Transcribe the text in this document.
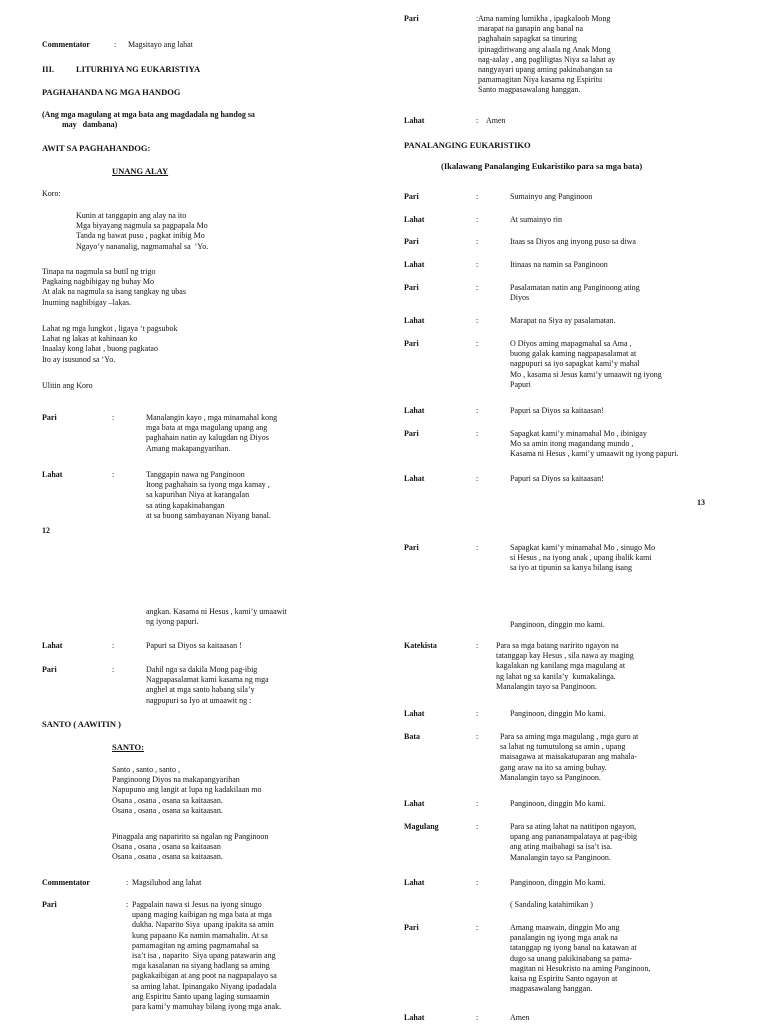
Commentator	: Magsitayo ang lahat
III.	LITURHIYA NG EUKARISTIYA
PAGHAHANDA NG MGA HANDOG
(Ang mga magulang at mga bata ang magdadala ng handog sa
may   dambana)
AWIT SA PAGHAHANDOG:
UNANG ALAY
Koro:
Kunin at tanggapin ang alay na ito
Mga biyayang nagmula sa pagpapala Mo
Tanda ng bawat puso , pagkat inibig Mo
Ngayo’y nananalig, nagmamahal sa  ‘Yo.
Tinapa na nagmula sa butil ng trigo
Pagkaing nagbibigay ng buhay Mo
At alak na nagmula sa isang tangkay ng ubas
Inuming nagbibigay –lakas.
Lahat ng mga lungkot , ligaya ‘t pagsubok
Lahat ng lakas at kahinaan ko
Inaalay kong lahat , buong pagkatao
Ito ay isusunod sa ‘Yo.
Ulitin ang Koro
Pari	:	Manalangin kayo , mga minamahal kong
mga bata at mga magulang upang ang
paghahain natin ay kalugdan ng Diyos
Amang makapangyarihan.
Lahat	:	Tanggapin nawa ng Panginoon
Itong paghahain sa iyong mga kamay ,
sa kapurihan Niya at karangalan
sa ating kapakinabangan
at sa buong sambayanan Niyang banal.
12
angkan. Kasama ni Hesus , kami’y umaawit
ng iyong papuri.
Lahat	:	Papuri sa Diyos sa kaitaasan !
Pari	:	Dahil nga sa dakila Mong pag-ibig
Nagpapasalamat kami kasama ng mga
anghel at mga santo habang sila’y
nagpupuri sa Iyo at umaawit ng :
SANTO ( AAWITIN )
SANTO:
Santo , santo , santo ,
Panginoong Diyos na makapangyarihan
Napupuno ang langit at lupa ng kadakilaan mo
Osana , osana , osana sa kaitaasan.
Osana , osana , osana sa kaitaasan.
Pinagpala ang naparirito sa ngalan ng Panginoon
Osana , osana , osana sa kaitaasan
Osana , osana , osana sa kaitaasan.
Commentator	: Magsiluhod ang lahat
Pari	: Pagpalain nawa si Jesus na iyong sinugo
upang maging kaibigan ng mga bata at mga
dukha. Naparito Siya  upang ipakita sa amin
kung papaano Ka namin mamahalin. At sa
pamamagitan ng aming pagmamahal sa
isa’t isa , naparito  Siya upang patawarin ang
mga kasalanan na siyang hadlang sa aming
pagkakaibigan at ang poot na nagpapalayo sa
sa aming lahat. Ipinangako Niyang ipadadala
ang Espiritu Santo upang laging sumaamin
para kami’y mamuhay bilang iyong mga anak.
Pari	: Ama naming lumikha , ipagkaloob Mong
marapat na ganapin ang banal na
paghahain sapagkat sa tinuring
ipinagdiriwang ang alaala ng Anak Mong
nag-aalay , ang pagliligtas Niya sa lahat ay
nangyayari upang aming pakinabangan sa
pamamagitan Niya kasama ng Espiritu
Santo magpasawalang hanggan.
Lahat	: Amen
PANALANGING EUKARISTIKO
(Ikalawang Panalanging Eukaristiko para sa mga bata)
Pari	:	Sumainyo ang Panginoon
Lahat	:	At sumainyo rin
Pari	:	Itaas sa Diyos ang inyong puso sa diwa
Lahat	:	Itinaas na namin sa Panginoon
Pari	:	Pasalamatan natin ang Panginoong ating
Diyos
Lahat	:	Marapat na Siya ay pasalamatan.
Pari	:	O Diyos aming mapagmahal sa Ama ,
buong galak kaming nagpapasalamat at
nagpupuri sa iyo sapagkat kami’y mahal
Mo , kasama si Jesus kami’y umaawit ng iyong
Papuri
Lahat	:	Papuri sa Diyos sa kaitaasan!
Pari	:	Sapagkat kami’y minamahal Mo , ibinigay
Mo sa amin itong magandang mundo ,
Kasama ni Hesus , kami’y umaawit ng iyong papuri.
Lahat	:	Papuri sa Diyos sa kaitaasan!
13
Pari	:	Sapagkat kami’y minamahal Mo , sinugo Mo
si Hesus , na iyong anak , upang ibalik kami
sa iyo at tipunin sa kanya bilang isang
Panginoon, dinggin mo kami.
Katekista	: Para sa mga batang naririto ngayon na
tatanggap kay Hesus , sila nawa ay maging
kagalakan ng kanilang mga magulang at
ng lahat ng sa kanila’y  kumakalinga.
Manalangin tayo sa Panginoon.
Lahat	:	Panginoon, dinggin Mo kami.
Bata	:	Para sa aming mga magulang , mga guro at
sa lahat ng tumutulong sa amin , upang
maisagawa at maisakatuparan ang mahala-
gang araw na ito sa aming buhay.
Manalangin tayo sa Panginoon.
Lahat	:	Panginoon, dinggin Mo kami.
Magulang	:	Para sa ating lahat na natitipon ngayon,
upang ang pananampalataya at pag-ibig
ang ating maibahagi sa isa’t isa.
Manalangin tayo sa Panginoon.
Lahat	:	Panginoon, dinggin Mo kami.
( Sandaling katahimikan )
Pari	:	Amang maawain, dinggin Mo ang
panalangin ng iyong mga anak na
tatanggap ng iyong banal na katawan at
dugo sa unang pakikinabang sa pama-
magitan ni Hesukristo na aming Panginoon,
kaisa ng Espiritu Santo ngayon at
magpasawalang hanggan.
Lahat	:	Amen
